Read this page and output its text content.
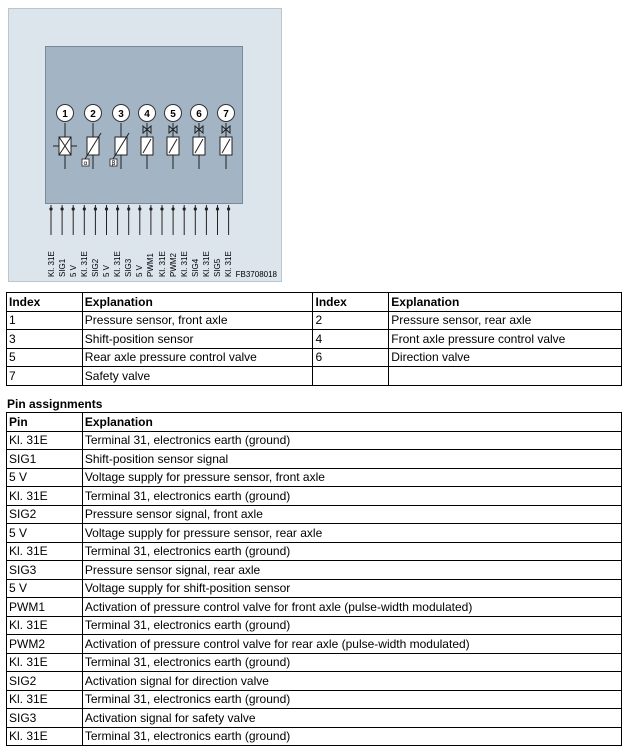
1 2
α
3
β
4 5 6 7
Kl. 31E SIG1 5 V Kl. 31E SIG2 5 V Kl. 31E SIG3 5 V PWM1 Kl. 31E PWM2 Kl. 31E SIG4 Kl. 31E SIG5 Kl. 31E FB3708018
Index	Explanation	Index	Explanation
1	Pressure sensor, front axle	2	Pressure sensor, rear axle
3	Shift-position sensor	4	Front axle pressure control valve
5	Rear axle pressure control valve	6	Direction valve
7	Safety valve		
Pin assignments
Pin	Explanation
Kl. 31E	Terminal 31, electronics earth (ground)
SIG1	Shift-position sensor signal
5 V	Voltage supply for pressure sensor, front axle
Kl. 31E	Terminal 31, electronics earth (ground)
SIG2	Pressure sensor signal, front axle
5 V	Voltage supply for pressure sensor, rear axle
Kl. 31E	Terminal 31, electronics earth (ground)
SIG3	Pressure sensor signal, rear axle
5 V	Voltage supply for shift-position sensor
PWM1	Activation of pressure control valve for front axle (pulse-width modulated)
Kl. 31E	Terminal 31, electronics earth (ground)
PWM2	Activation of pressure control valve for rear axle (pulse-width modulated)
Kl. 31E	Terminal 31, electronics earth (ground)
SIG2	Activation signal for direction valve
Kl. 31E	Terminal 31, electronics earth (ground)
SIG3	Activation signal for safety valve
Kl. 31E	Terminal 31, electronics earth (ground)
